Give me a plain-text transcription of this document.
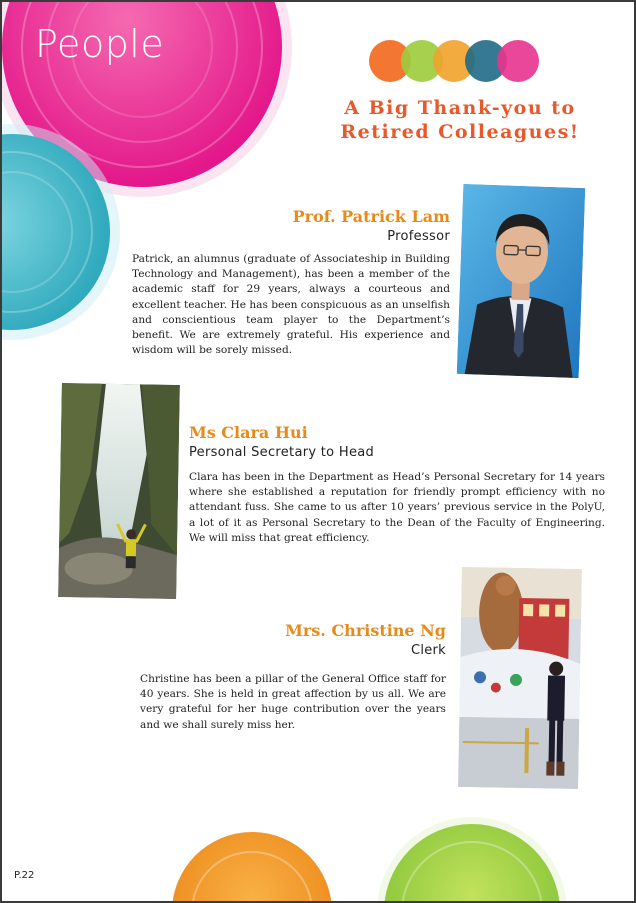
People
A Big Thank-you to
Retired Colleagues!

Prof. Patrick Lam

Professor

Patrick, an alumnus (graduate of Associateship in Building Technology and Management), has been a member of the academic staff for 29 years, always a courteous and excellent teacher. He has been conspicuous as an unselfish and conscientious team player to the Department’s benefit. We are extremely grateful. His experience and wisdom will be sorely missed.

Ms Clara Hui

Personal Secretary to Head

Clara has been in the Department as Head’s Personal Secretary for 14 years where she established a reputation for friendly prompt efficiency with no attendant fuss. She came to us after 10 years’ previous service in the PolyU, a lot of it as Personal Secretary to the Dean of the Faculty of Engineering. We will miss that great efficiency.

Mrs. Christine Ng

Clerk

Christine has been a pillar of the General Office staff for 40 years. She is held in great affection by us all. We are very grateful for her huge contribution over the years and we shall surely miss her.

P.22
